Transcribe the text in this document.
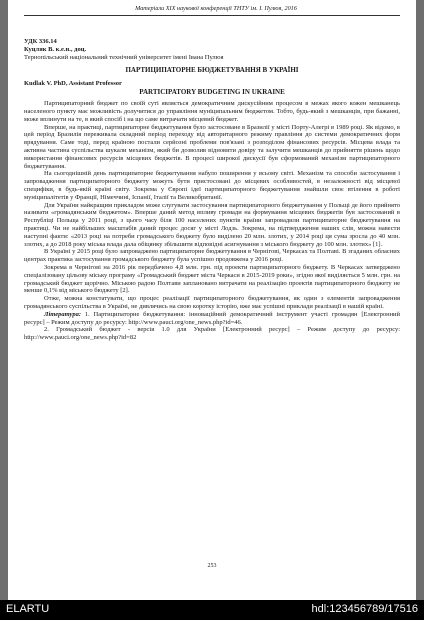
Матеріали XIX наукової конференції ТНТУ ім. І. Пулюя, 2016

УДК 336.14

Куцляк В. к.е.н., доц.

Тернопільський національний технічний університет імені Івана Пулюя

ПАРТИЦИПАТОРНЕ БЮДЖЕТУВАННЯ В УКРАЇНІ

Kudlak V. PhD, Assistant Professor

PARTICIPATORY BUDGETING IN UKRAINE

Партиципаторний бюджет по своїй суті являється демократичним дискусійним процесом в межах якого кожен мешканець населеного пункту має можливість долучитися до управління муніципальним бюджетом. Тобто, будь-який з мешканців, при бажанні, може вплинути на те, в який спосіб і на що саме витрачати місцевий бюджет.

Вперше, на практиці, партиципаторне бюджетування було застосоване в Бразилії у місті Порту-Алегрі в 1989 році. Як відомо, в цей період Бразилія переживала складний період переходу від авторитарного режиму правління до системи демократичних форм врядування. Саме тоді, перед країною постали серйозні проблеми пов'язані з розподілом фінансових ресурсів. Місцева влада та активна частина суспільства шукали механізм, який би дозволив відновити довіру та залучити мешканців до прийняття рішень щодо використання фінансових ресурсів місцевих бюджетів. В процесі широкої дискусії був сформований механізм партиципаторного бюджетування.

На сьогоднішній день партиципаторне бюджетування набуло поширення у всьому світі. Механізм та способи застосування і запровадження партиципаторного бюджету можуть бути пристосовані до місцевих особливостей, в незалежності від місцевої специфіки, в будь-якій країні світу. Зокрема у Європі ідеї партиципаторного бюджетування знайшли своє втілення в роботі муніципалітетів у Франції, Німеччині, Іспанії, Італії та Великобританії.

Для України найкращим прикладом може слугувати застосування партиципаторного бюджетування у Польщі де його прийнято називати «громадянським бюджетом». Вперше даний метод впливу громади на формування місцевих бюджетів був застосований в Республіці Польща у 2011 році, з цього часу біля 100 населених пунктів країни запровадили партиципаторне бюджетування на практиці. Чи не найбільших масштабів даний процес досяг у місті Лодзь. Зокрема, на підтвердження наших слів, можна навести наступні факти: «2013 році на потреби громадського бюджету було виділено 20 млн. злотих, у 2014 році ця сума зросла до 40 млн. злотих, а до 2018 року міська влада дала обіцянку збільшити відповідні асигнування з міського бюджету до 100 млн. злотих» [1].

В Україні у 2015 році було запроваджено партиципаторне бюджетування в Чернігові, Черкасах та Полтаві. В згаданих обласних центрах практика застосування громадського бюджету була успішно продовжена у 2016 році.

Зокрема в Чернігові на 2016 рік передбачено 4,8 млн. грн. під проекти партиципаторного бюджету. В Черкасах затверджено спеціалізовану цільову міську програму «Громадський бюджет міста Черкаси в 2015-2019 роки», згідно якої виділяється 5 млн. грн. на громадський бюджет щорічно. Міською радою Полтави заплановано витрачати на реалізацію проектів партиципаторного бюджету не менше 0,1% від міського бюджету [2].

Отже, можна констатувати, що процес реалізації партиципаторного бюджетування, як один з елементів запровадження громадянського суспільства в Україні, не дивлячись на свою коротку історію, вже має успішні приклади реалізації в нашій країні.

Література: 1. Партиципаторне бюджетування: інноваційний демократичний інструмент участі громадян [Електронний ресурс] – Режим доступу до ресурсу: http://www.pauci.org/one_news.php?id=46.

2. Громадський бюджет - версія 1.0 для України [Електронний ресурс] – Режим доступу до ресурсу: http://www.pauci.org/one_news.php?id=82

253
ELARTU	hdl:123456789/17516
